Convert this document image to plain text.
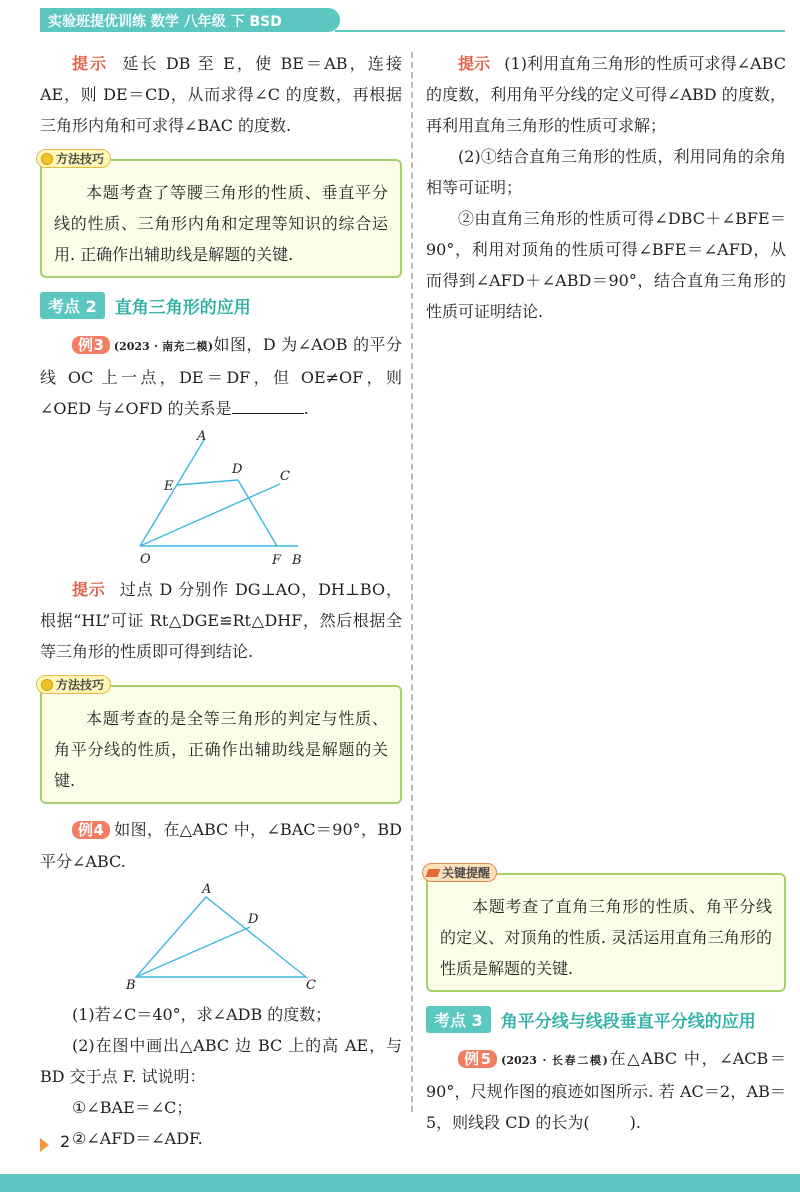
实验班提优训练 数学 八年级 下 BSD

提示 延长 DB 至 E，使 BE＝AB，连接 AE，则 DE＝CD，从而求得∠C 的度数，再根据三角形内角和可求得∠BAC 的度数.

方法技巧

本题考查了等腰三角形的性质、垂直平分线的性质、三角形内角和定理等知识的综合运用. 正确作出辅助线是解题的关键.

考点 2	直角三角形的应用

例3 (2023 · 南充二模)如图，D 为∠AOB 的平分线 OC 上一点，DE＝DF，但 OE≠OF，则∠OED 与∠OFD 的关系是	.

A
C
D
E
O	F B

提示 过点 D 分别作 DG⊥AO，DH⊥BO，根据“HL”可证 Rt△DGE≌Rt△DHF，然后根据全等三角形的性质即可得到结论.

方法技巧

本题考查的是全等三角形的判定与性质、角平分线的性质，正确作出辅助线是解题的关键.

例4 如图，在△ABC 中，∠BAC＝90°，BD 平分∠ABC.

A
D
B	C

(1)若∠C＝40°，求∠ADB 的度数；

(2)在图中画出△ABC 边 BC 上的高 AE，与 BD 交于点 F. 试说明：

①∠BAE＝∠C；

②∠AFD＝∠ADF.

提示 (1)利用直角三角形的性质可求得∠ABC 的度数，利用角平分线的定义可得∠ABD 的度数，再利用直角三角形的性质可求解；

(2)①结合直角三角形的性质，利用同角的余角相等可证明；

②由直角三角形的性质可得∠DBC＋∠BFE＝90°，利用对顶角的性质可得∠BFE＝∠AFD，从而得到∠AFD＋∠ABD＝90°，结合直角三角形的性质可证明结论.

关键提醒

本题考查了直角三角形的性质、角平分线的定义、对顶角的性质. 灵活运用直角三角形的性质是解题的关键.

考点 3	角平分线与线段垂直平分线的应用

例5 (2023 · 长春二模)在△ABC 中，∠ACB＝90°，尺规作图的痕迹如图所示. 若 AC＝2，AB＝5，则线段 CD 的长为(	).

2
